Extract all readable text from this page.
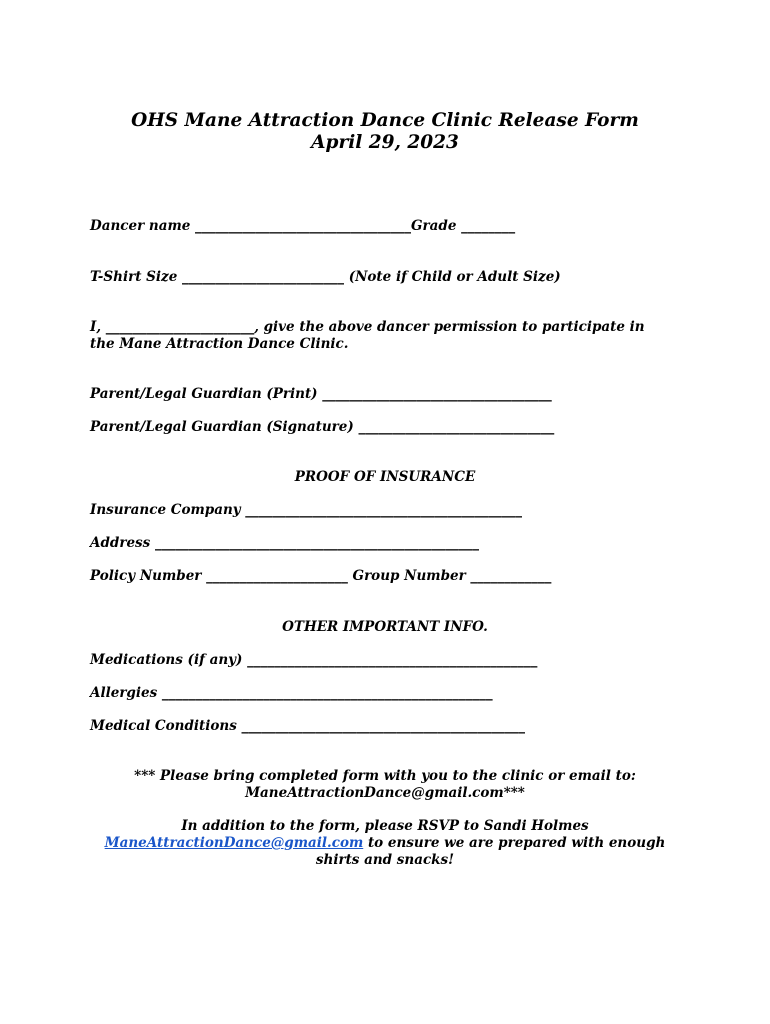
OHS Mane Attraction Dance Clinic Release Form
April 29, 2023
Dancer name ________________________________Grade ________
T-Shirt Size ________________________ (Note if Child or Adult Size)
I, ______________________, give the above dancer permission to participate in
the Mane Attraction Dance Clinic.
Parent/Legal Guardian (Print) __________________________________
Parent/Legal Guardian (Signature) _____________________________
PROOF OF INSURANCE
Insurance Company _________________________________________
Address ________________________________________________
Policy Number _____________________ Group Number ____________
OTHER IMPORTANT INFO.
Medications (if any) ___________________________________________
Allergies _________________________________________________
Medical Conditions __________________________________________
*** Please bring completed form with you to the clinic or email to:
ManeAttractionDance@gmail.com***
In addition to the form, please RSVP to Sandi Holmes
ManeAttractionDance@gmail.com to ensure we are prepared with enough
shirts and snacks!
